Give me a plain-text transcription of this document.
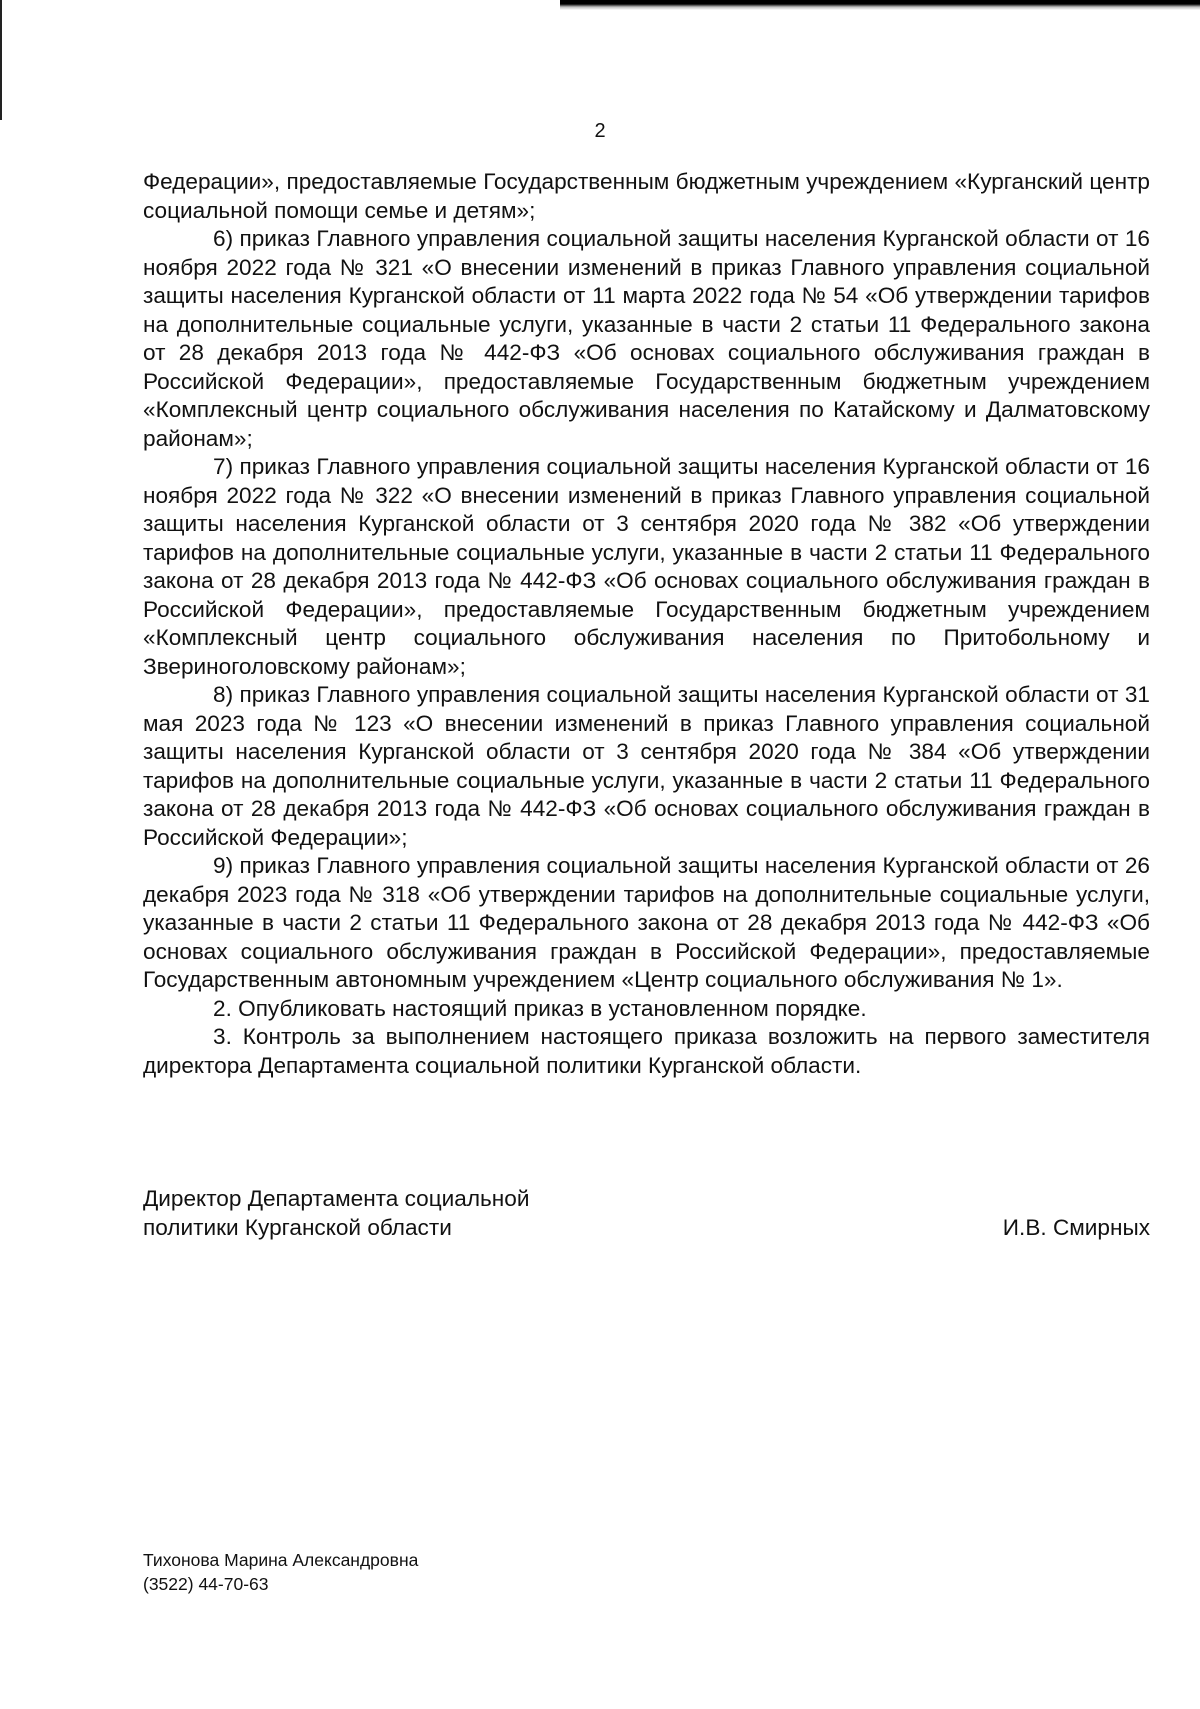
2

Федерации», предоставляемые Государственным бюджетным учреждением «Курганский центр социальной помощи семье и детям»;

6) приказ Главного управления социальной защиты населения Курганской области от 16 ноября 2022 года № 321 «О внесении изменений в приказ Главного управления социальной защиты населения Курганской области от 11 марта 2022 года № 54 «Об утверждении тарифов на дополнительные социальные услуги, указанные в части 2 статьи 11 Федерального закона от 28 декабря 2013 года № 442-ФЗ «Об основах социального обслуживания граждан в Российской Федерации», предоставляемые Государственным бюджетным учреждением «Комплексный центр социального обслуживания населения по Катайскому и Далматовскому районам»;

7) приказ Главного управления социальной защиты населения Курганской области от 16 ноября 2022 года № 322 «О внесении изменений в приказ Главного управления социальной защиты населения Курганской области от 3 сентября 2020 года № 382 «Об утверждении тарифов на дополнительные социальные услуги, указанные в части 2 статьи 11 Федерального закона от 28 декабря 2013 года № 442-ФЗ «Об основах социального обслуживания граждан в Российской Федерации», предоставляемые Государственным бюджетным учреждением «Комплексный центр социального обслуживания населения по Притобольному и Звериноголовскому районам»;

8) приказ Главного управления социальной защиты населения Курганской области от 31 мая 2023 года № 123 «О внесении изменений в приказ Главного управления социальной защиты населения Курганской области от 3 сентября 2020 года № 384 «Об утверждении тарифов на дополнительные социальные услуги, указанные в части 2 статьи 11 Федерального закона от 28 декабря 2013 года № 442-ФЗ «Об основах социального обслуживания граждан в Российской Федерации»;

9) приказ Главного управления социальной защиты населения Курганской области от 26 декабря 2023 года № 318 «Об утверждении тарифов на дополнительные социальные услуги, указанные в части 2 статьи 11 Федерального закона от 28 декабря 2013 года № 442-ФЗ «Об основах социального обслуживания граждан в Российской Федерации», предоставляемые Государственным автономным учреждением «Центр социального обслуживания № 1».

2. Опубликовать настоящий приказ в установленном порядке.

3. Контроль за выполнением настоящего приказа возложить на первого заместителя директора Департамента социальной политики Курганской области.

Директор Департамента социальной
политики Курганской области	И.В. Смирных
Тихонова Марина Александровна
(3522) 44-70-63
